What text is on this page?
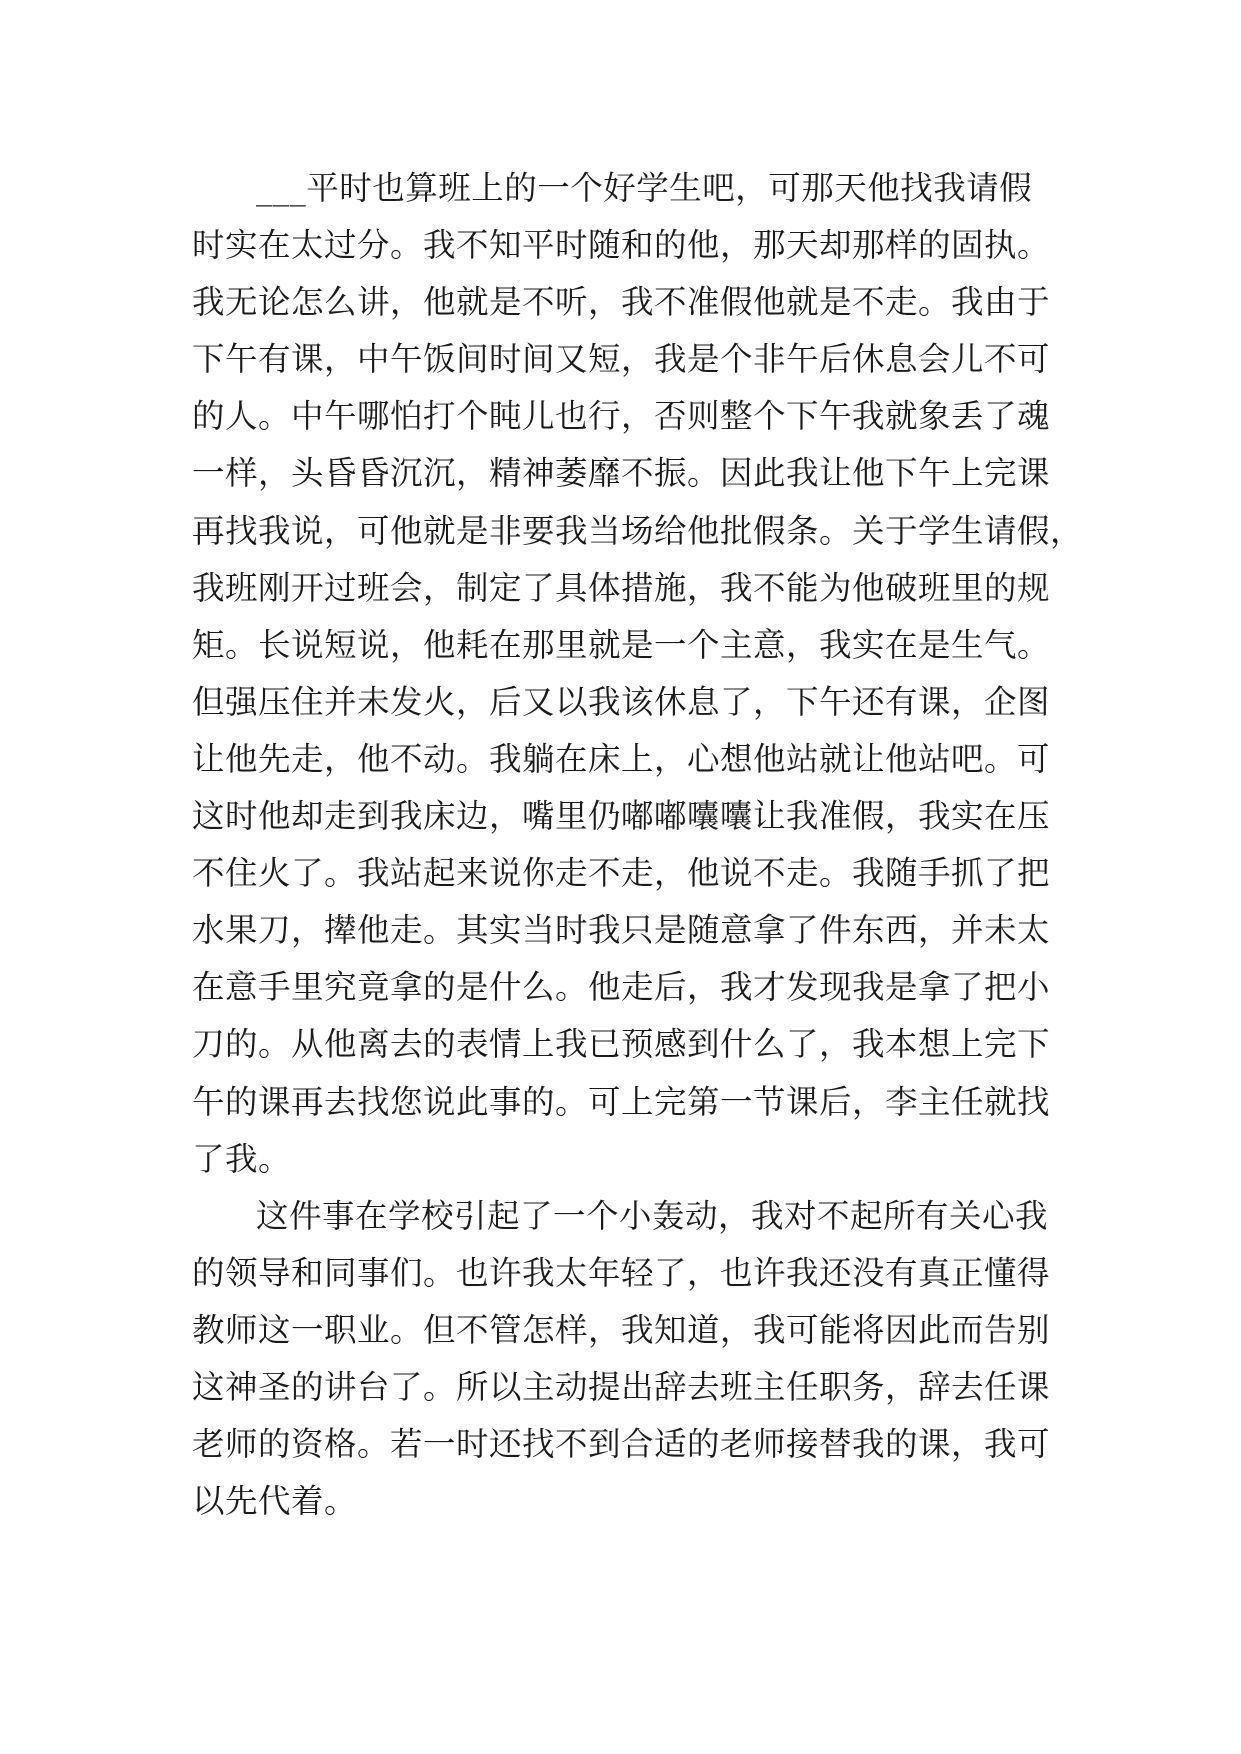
___平时也算班上的一个好学生吧，可那天他找我请假
时实在太过分。我不知平时随和的他，那天却那样的固执。
我无论怎么讲，他就是不听，我不准假他就是不走。我由于
下午有课，中午饭间时间又短，我是个非午后休息会儿不可
的人。中午哪怕打个盹儿也行，否则整个下午我就象丢了魂
一样，头昏昏沉沉，精神萎靡不振。因此我让他下午上完课
再找我说，可他就是非要我当场给他批假条。关于学生请假，
我班刚开过班会，制定了具体措施，我不能为他破班里的规
矩。长说短说，他耗在那里就是一个主意，我实在是生气。
但强压住并未发火，后又以我该休息了，下午还有课，企图
让他先走，他不动。我躺在床上，心想他站就让他站吧。可
这时他却走到我床边，嘴里仍嘟嘟囔囔让我准假，我实在压
不住火了。我站起来说你走不走，他说不走。我随手抓了把
水果刀，撵他走。其实当时我只是随意拿了件东西，并未太
在意手里究竟拿的是什么。他走后，我才发现我是拿了把小
刀的。从他离去的表情上我已预感到什么了，我本想上完下
午的课再去找您说此事的。可上完第一节课后，李主任就找
了我。
这件事在学校引起了一个小轰动，我对不起所有关心我
的领导和同事们。也许我太年轻了，也许我还没有真正懂得
教师这一职业。但不管怎样，我知道，我可能将因此而告别
这神圣的讲台了。所以主动提出辞去班主任职务，辞去任课
老师的资格。若一时还找不到合适的老师接替我的课，我可
以先代着。
